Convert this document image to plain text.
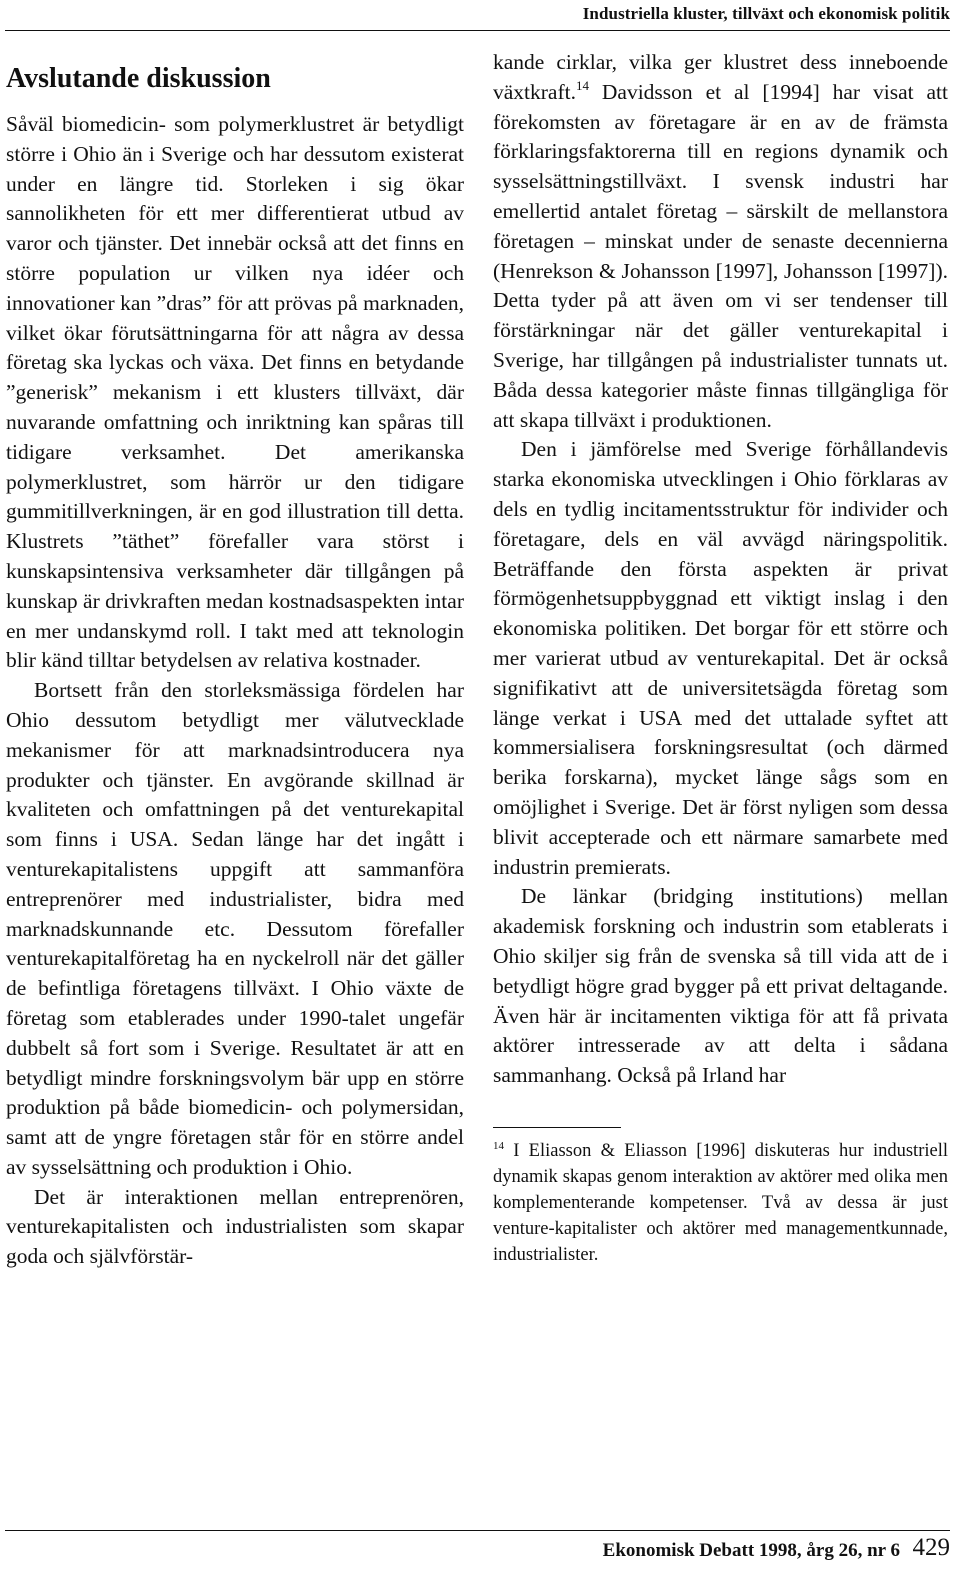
Industriella kluster, tillväxt och ekonomisk politik
Avslutande diskussion

Såväl biomedicin- som polymerklustret är betydligt större i Ohio än i Sverige och har dessutom existerat under en längre tid. Storleken i sig ökar sannolikheten för ett mer differentierat utbud av varor och tjänster. Det innebär också att det finns en större population ur vilken nya idéer och innovationer kan ”dras” för att prövas på marknaden, vilket ökar förutsättningarna för att några av dessa företag ska lyckas och växa. Det finns en betydande ”generisk” mekanism i ett klusters tillväxt, där nuvarande omfattning och inriktning kan spåras till tidigare verksamhet. Det amerikanska polymerklustret, som härrör ur den tidigare gummitillverkningen, är en god illustration till detta. Klustrets ”täthet” förefaller vara störst i kunskapsintensiva verksamheter där tillgången på kunskap är drivkraften medan kostnadsaspekten intar en mer undanskymd roll. I takt med att teknologin blir känd tilltar betydelsen av relativa kostnader.

Bortsett från den storleksmässiga fördelen har Ohio dessutom betydligt mer välutvecklade mekanismer för att marknadsintroducera nya produkter och tjänster. En avgörande skillnad är kvaliteten och omfattningen på det venturekapital som finns i USA. Sedan länge har det ingått i venturekapitalistens uppgift att sammanföra entreprenörer med industrialister, bidra med marknadskunnande etc. Dessutom förefaller venturekapitalföretag ha en nyckelroll när det gäller de befintliga företagens tillväxt. I Ohio växte de företag som etablerades under 1990-talet ungefär dubbelt så fort som i Sverige. Resultatet är att en betydligt mindre forskningsvolym bär upp en större produktion på både biomedicin- och polymersidan, samt att de yngre företagen står för en större andel av sysselsättning och produktion i Ohio.

Det är interaktionen mellan entreprenören, venturekapitalisten och industrialisten som skapar goda och självförstär-

kande cirklar, vilka ger klustret dess inneboende växtkraft.$^{14}$ Davidsson et al [1994] har visat att förekomsten av företagare är en av de främsta förklaringsfaktorerna till en regions dynamik och sysselsättningstillväxt. I svensk industri har emellertid antalet företag – särskilt de mellanstora företagen – minskat under de senaste decennierna (Henrekson & Johansson [1997], Johansson [1997]). Detta tyder på att även om vi ser tendenser till förstärkningar när det gäller venturekapital i Sverige, har tillgången på industrialister tunnats ut. Båda dessa kategorier måste finnas tillgängliga för att skapa tillväxt i produktionen.

Den i jämförelse med Sverige förhållandevis starka ekonomiska utvecklingen i Ohio förklaras av dels en tydlig incitamentsstruktur för individer och företagare, dels en väl avvägd näringspolitik. Beträffande den första aspekten är privat förmögenhetsuppbyggnad ett viktigt inslag i den ekonomiska politiken. Det borgar för ett större och mer varierat utbud av venturekapital. Det är också signifikativt att de universitetsägda företag som länge verkat i USA med det uttalade syftet att kommersialisera forskningsresultat (och därmed berika forskarna), mycket länge sågs som en omöjlighet i Sverige. Det är först nyligen som dessa blivit accepterade och ett närmare samarbete med industrin premierats.

De länkar (bridging institutions) mellan akademisk forskning och industrin som etablerats i Ohio skiljer sig från de svenska så till vida att de i betydligt högre grad bygger på ett privat deltagande. Även här är incitamenten viktiga för att få privata aktörer intresserade av att delta i sådana sammanhang. Också på Irland har

$^{14}$ I Eliasson & Eliasson [1996] diskuteras hur industriell dynamik skapas genom interaktion av aktörer med olika men komplementerande kompetenser. Två av dessa är just venture-kapitalister och aktörer med managementkunnade, industrialister.

Ekonomisk Debatt 1998, årg 26, nr 6 429
